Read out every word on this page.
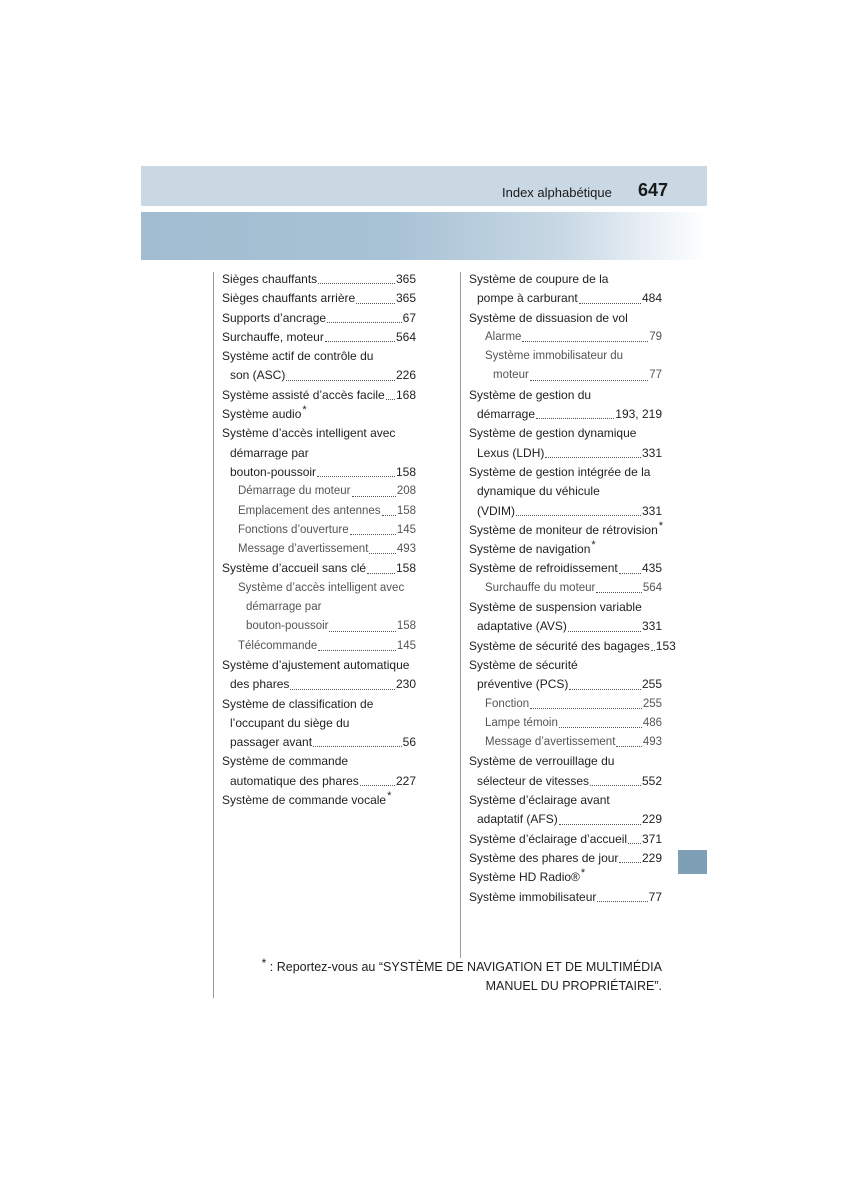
Index alphabétique 647
Sièges chauffants	365
Sièges chauffants arrière	365
Supports d’ancrage	67
Surchauffe, moteur	564
Système actif de contrôle du
son (ASC)	226
Système assisté d’accès facile 168
Système audio *
Système d’accès intelligent avec
démarrage par
bouton-poussoir	158
Démarrage du moteur	208
Emplacement des antennes 158
Fonctions d’ouverture	145
Message d’avertissement 493
Système d’accueil sans clé 158
Système d’accès intelligent avec
démarrage par
bouton-poussoir	158
Télécommande	145
Système d’ajustement automatique
des phares	230
Système de classification de
l’occupant du siège du
passager avant	56
Système de commande
automatique des phares	227
Système de commande vocale *
Système de coupure de la
pompe à carburant	484
Système de dissuasion de vol
Alarme	79
Système immobilisateur du
moteur	77
Système de gestion du
démarrage	193, 219
Système de gestion dynamique
Lexus (LDH)	331
Système de gestion intégrée de la
dynamique du véhicule
(VDIM)	331
Système de moniteur de rétrovision *
Système de navigation *
Système de refroidissement 435
Surchauffe du moteur	564
Système de suspension variable
adaptative (AVS)	331
Système de sécurité des bagages 153
Système de sécurité
préventive (PCS)	255
Fonction	255
Lampe témoin	486
Message d’avertissement 493
Système de verrouillage du
sélecteur de vitesses	552
Système d’éclairage avant
adaptatif (AFS)	229
Système d’éclairage d’accueil 371
Système des phares de jour 229
Système HD Radio® *
Système immobilisateur	77
* : Reportez-vous au “SYSTÈME DE NAVIGATION ET DE MULTIMÉDIA
MANUEL DU PROPRIÉTAIRE”.
